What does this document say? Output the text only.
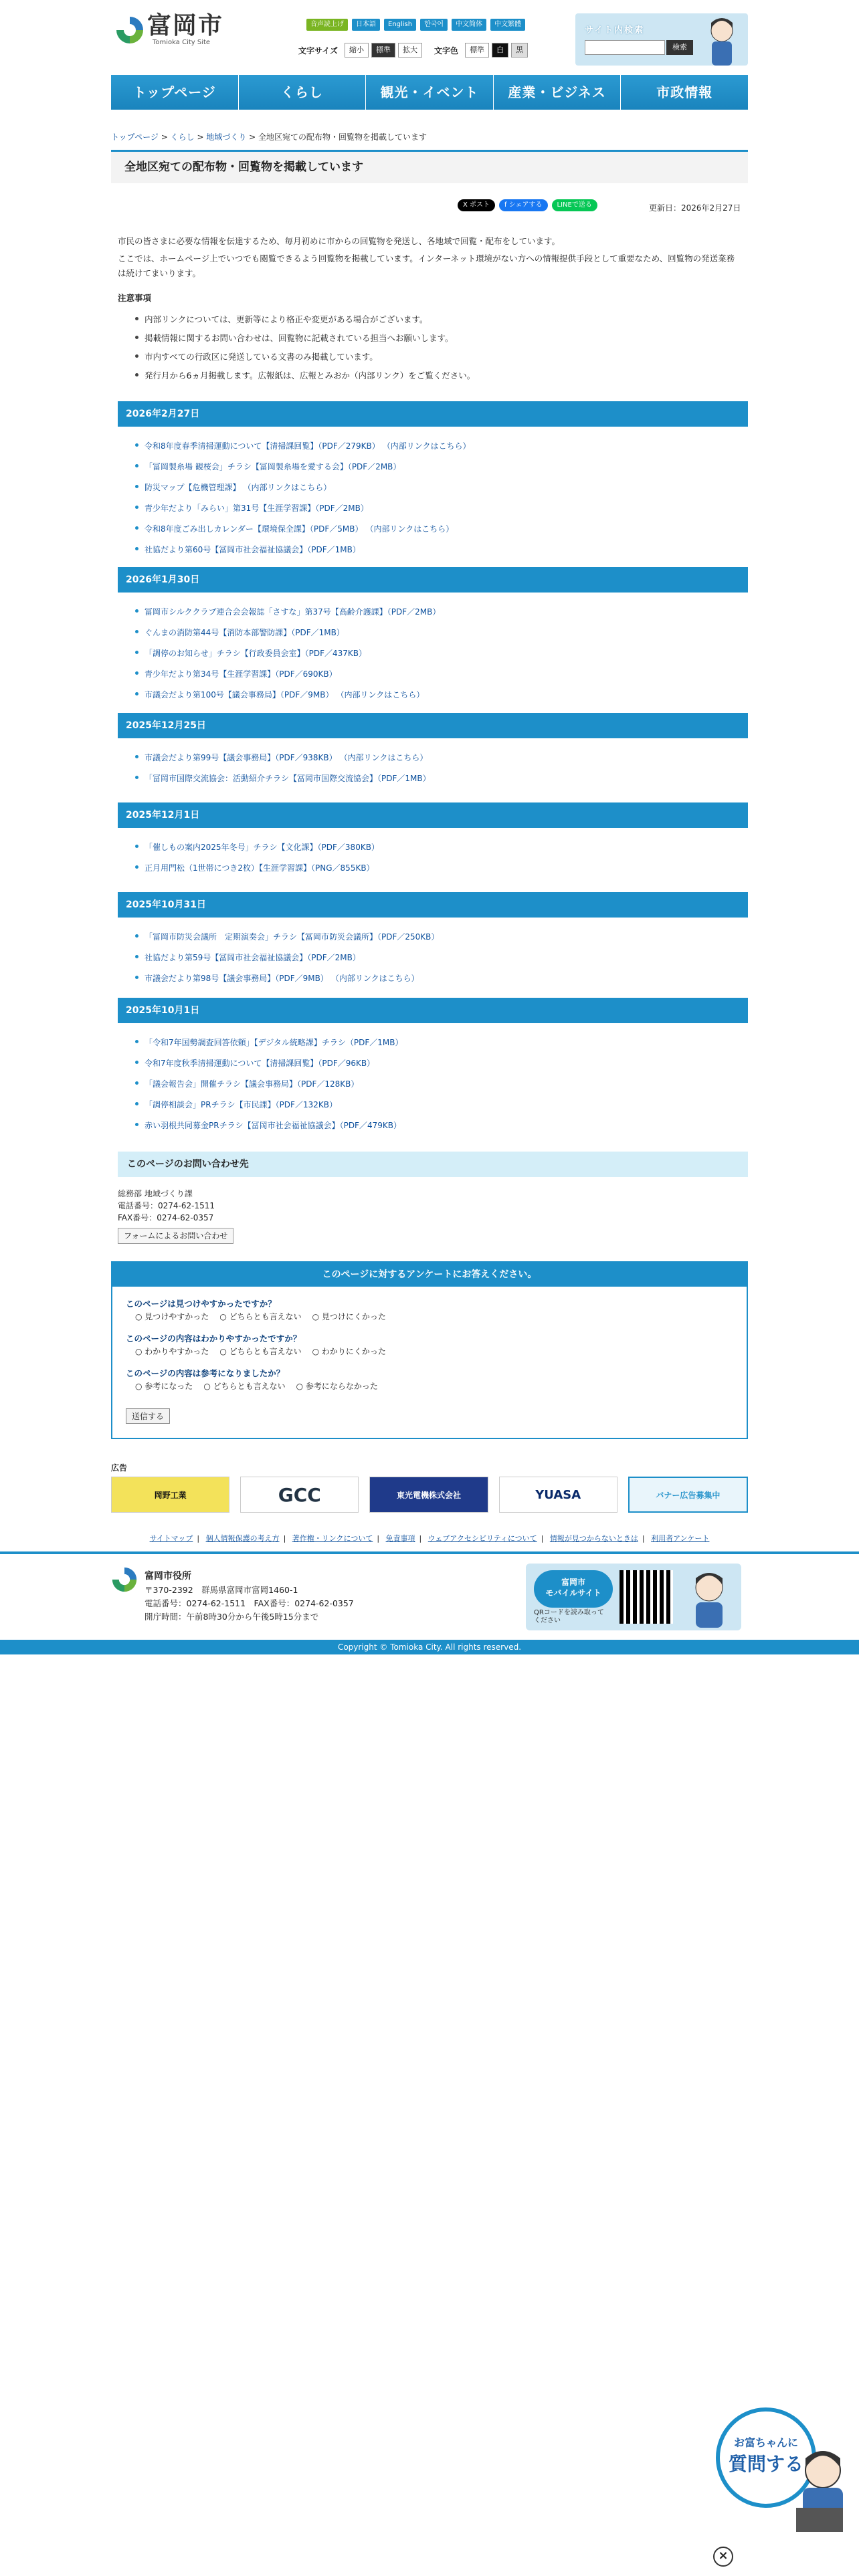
富岡市
Tomioka City Site
音声読上げ	日本語	English	한국어	中文简体	中文繁體
文字サイズ	縮小	標準	拡大	文字色	標準	白	黒
サイト内検索
検索
トップページ	くらし	観光・イベント	産業・ビジネス	市政情報
トップページ > くらし > 地域づくり > 全地区宛ての配布物・回覧物を掲載しています
全地区宛ての配布物・回覧物を掲載しています
X ポスト	f シェアする	LINEで送る	更新日：2026年2月27日

市民の皆さまに必要な情報を伝達するため、毎月初めに市からの回覧物を発送し、各地域で回覧・配布をしています。

ここでは、ホームページ上でいつでも閲覧できるよう回覧物を掲載しています。インターネット環境がない方への情報提供手段として重要なため、回覧物の発送業務は続けてまいります。

注意事項
内部リンクについては、更新等により格正や変更がある場合がございます。
掲載情報に関するお問い合わせは、回覧物に記載されている担当へお願いします。
市内すべての行政区に発送している文書のみ掲載しています。
発行月から6ヵ月掲載します。広報紙は、広報とみおか（内部リンク）をご覧ください。
2026年2月27日
令和8年度春季清掃運動について【清掃課回覧】（PDF／279KB） （内部リンクはこちら）
「冨岡製糸場 観桜会」チラシ【冨岡製糸場を愛する会】（PDF／2MB）
防災マップ【危機管理課】 （内部リンクはこちら）
青少年だより「みらい」第31号【生涯学習課】（PDF／2MB）
令和8年度ごみ出しカレンダー【環境保全課】（PDF／5MB） （内部リンクはこちら）
社協だより第60号【冨岡市社会福祉協議会】（PDF／1MB）
2026年1月30日
冨岡市シルククラブ連合会会報誌「さすな」第37号【高齢介護課】（PDF／2MB）
ぐんまの消防第44号【消防本部警防課】（PDF／1MB）
「調停のお知らせ」チラシ【行政委員会室】（PDF／437KB）
青少年だより第34号【生涯学習課】（PDF／690KB）
市議会だより第100号【議会事務局】（PDF／9MB） （内部リンクはこちら）
2025年12月25日
市議会だより第99号【議会事務局】（PDF／938KB） （内部リンクはこちら）
「冨岡市国際交流協会：活動紹介チラシ【冨岡市国際交流協会】（PDF／1MB）
2025年12月1日
「催しもの案内2025年冬号」チラシ【文化課】（PDF／380KB）
正月用門松（1世帯につき2枚）【生涯学習課】（PNG／855KB）
2025年10月31日
「冨岡市防災会議所　定期演奏会」チラシ【冨岡市防災会議所】（PDF／250KB）
社協だより第59号【冨岡市社会福祉協議会】（PDF／2MB）
市議会だより第98号【議会事務局】（PDF／9MB） （内部リンクはこちら）
2025年10月1日
「令和7年国勢調査回答依頼」【デジタル統略課】チラシ（PDF／1MB）
令和7年度秋季清掃運動について【清掃課回覧】（PDF／96KB）
「議会報告会」開催チラシ【議会事務局】（PDF／128KB）
「調停相談会」PRチラシ【市民課】（PDF／132KB）
赤い羽根共同募金PRチラシ【冨岡市社会福祉協議会】（PDF／479KB）
このページのお問い合わせ先
総務部 地域づくり課
電話番号：0274-62-1511
FAX番号：0274-62-0357
フォームによるお問い合わせ
このページに対するアンケートにお答えください。
このページは見つけやすかったですか？
○ 見つけやすかった	○ どちらとも言えない	○ 見つけにくかった
このページの内容はわかりやすかったですか？
○ わかりやすかった	○ どちらとも言えない	○ わかりにくかった
このページの内容は参考になりましたか？
○ 参考になった	○ どちらとも言えない	○ 参考にならなかった
送信する
広告
岡野工業	GCC	東光電機株式会社	YUASA	バナー広告募集中
サイトマップ | 個人情報保護の考え方 | 著作権・リンクについて | 免責事項 | ウェブアクセシビリティについて | 情報が見つからないときは | 利用者アンケート
富岡市役所
〒370-2392　群馬県富岡市富岡1460-1
電話番号：0274-62-1511　FAX番号：0274-62-0357
開庁時間：午前8時30分から午後5時15分まで
富岡市
モバイルサイト
QRコードを読み取って
ください
Copyright © Tomioka City. All rights reserved.
お富ちゃんに
質問する
×
